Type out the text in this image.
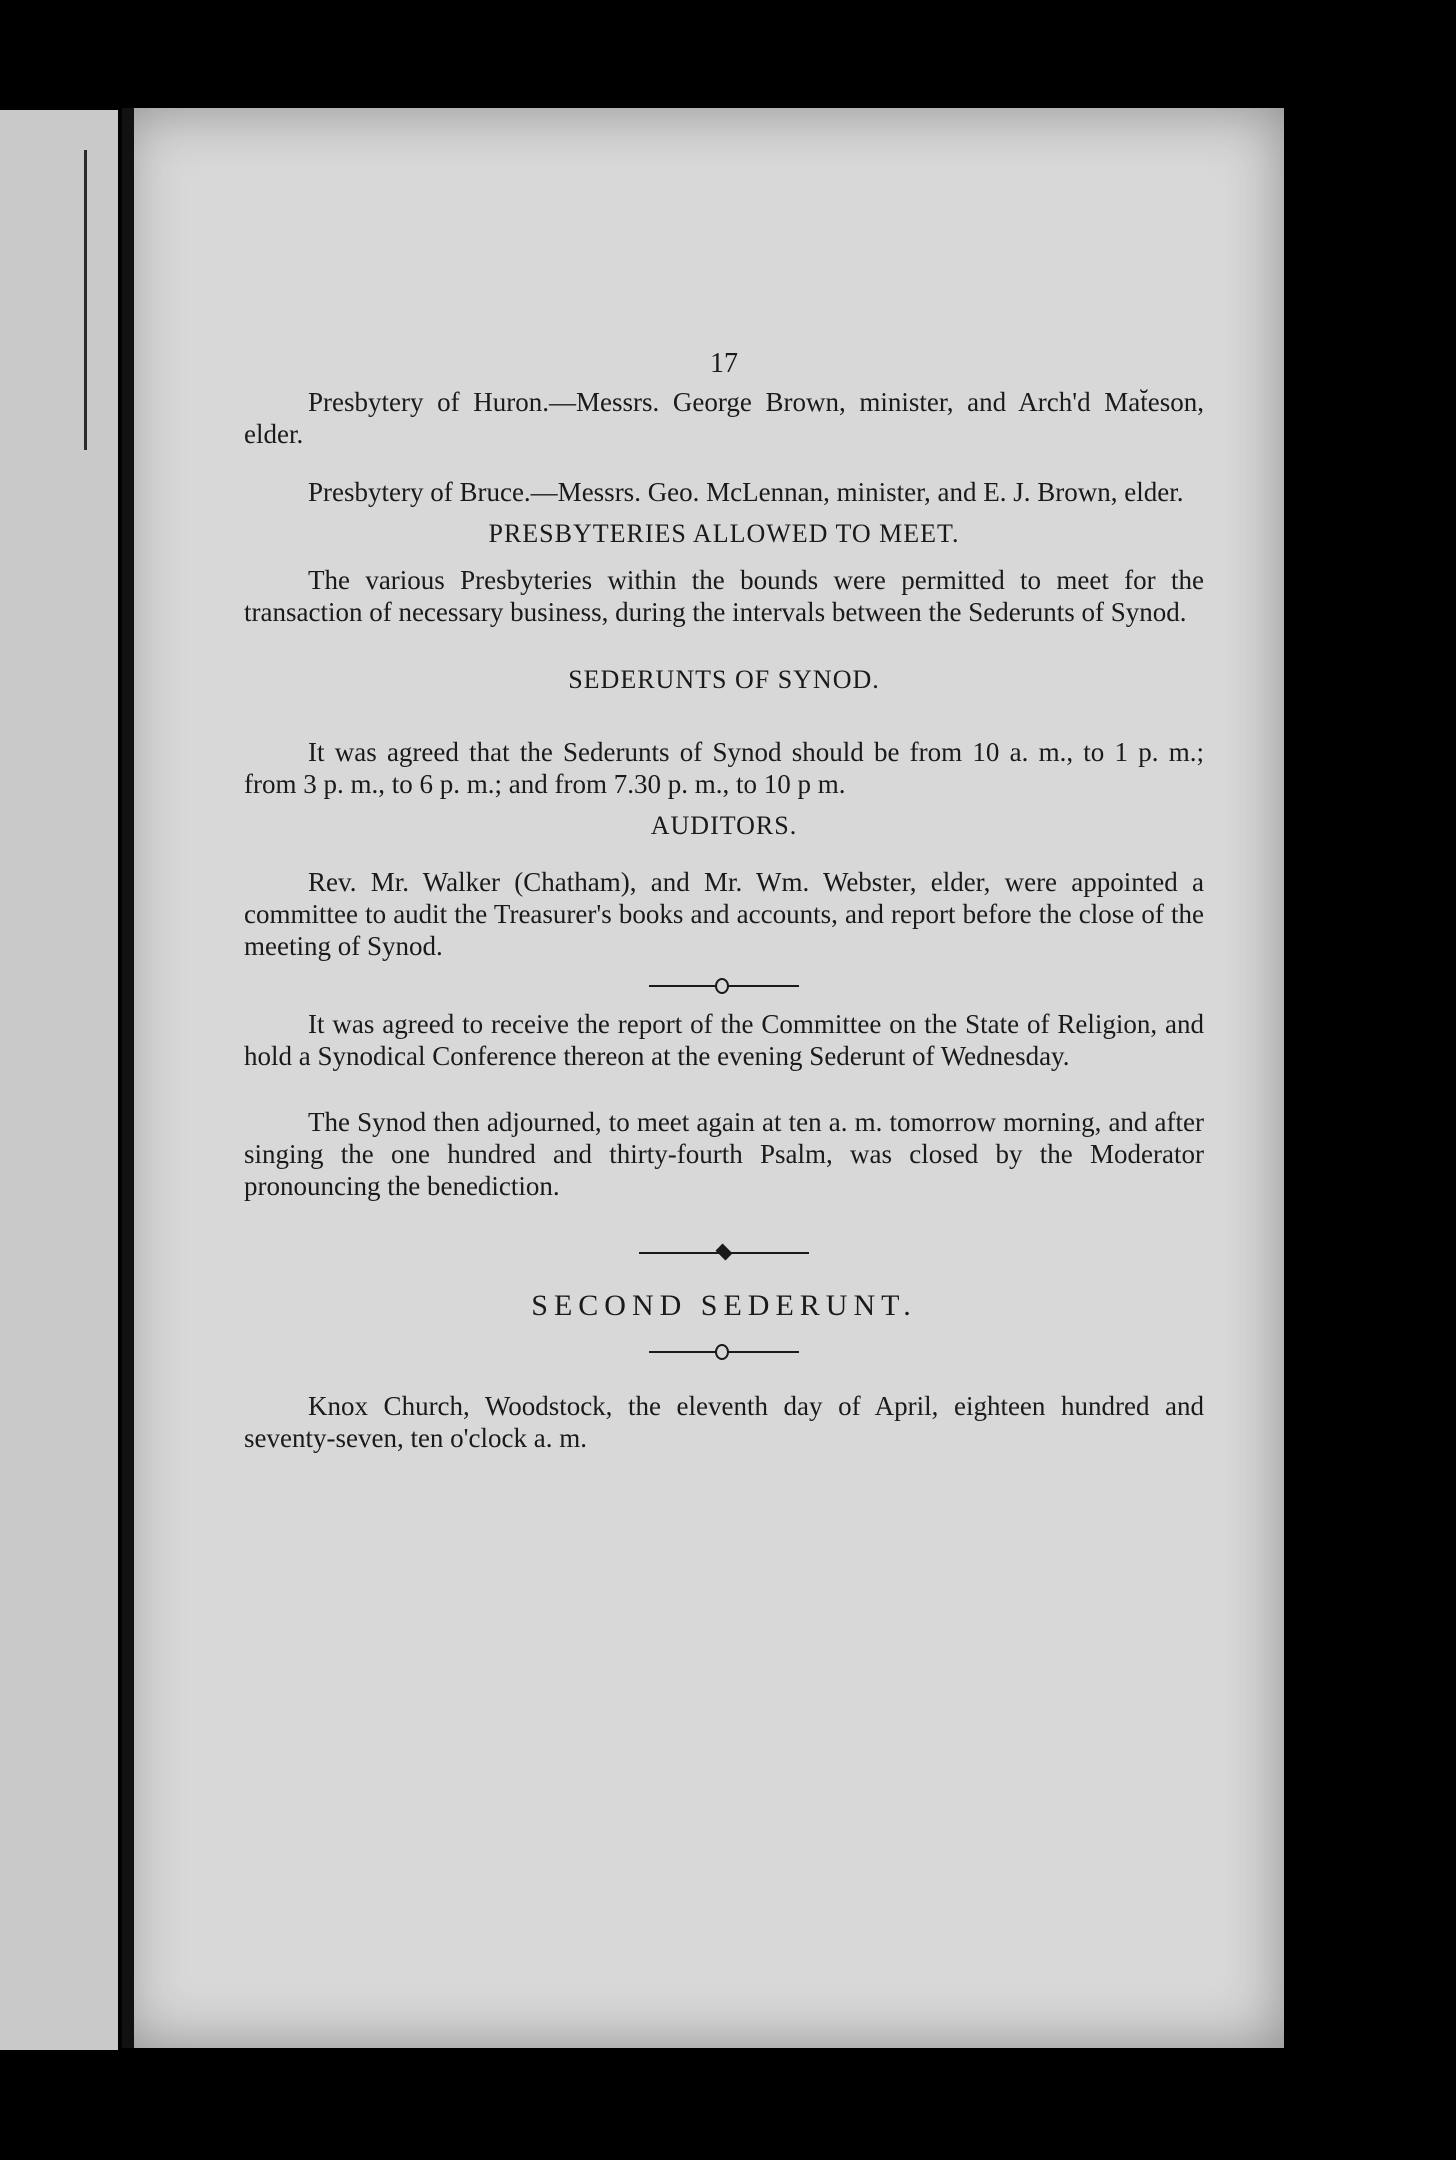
17

Presbytery of Huron.—Messrs. George Brown, minister, and Arch'd Mat̆eson, elder.

Presbytery of Bruce.—Messrs. Geo. McLennan, minister, and E. J. Brown, elder.

PRESBYTERIES ALLOWED TO MEET.

The various Presbyteries within the bounds were permitted to meet for the transaction of necessary business, during the intervals between the Sederunts of Synod.

SEDERUNTS OF SYNOD.

It was agreed that the Sederunts of Synod should be from 10 a. m., to 1 p. m.; from 3 p. m., to 6 p. m.; and from 7.30 p. m., to 10 p m.

AUDITORS.

Rev. Mr. Walker (Chatham), and Mr. Wm. Webster, elder, were appointed a committee to audit the Treasurer's books and accounts, and report before the close of the meeting of Synod.

It was agreed to receive the report of the Committee on the State of Religion, and hold a Synodical Conference thereon at the evening Sederunt of Wednesday.

The Synod then adjourned, to meet again at ten a. m. tomorrow morning, and after singing the one hundred and thirty-fourth Psalm, was closed by the Moderator pronouncing the benediction.

SECOND SEDERUNT.

Knox Church, Woodstock, the eleventh day of April, eighteen hundred and seventy-seven, ten o'clock a. m.
